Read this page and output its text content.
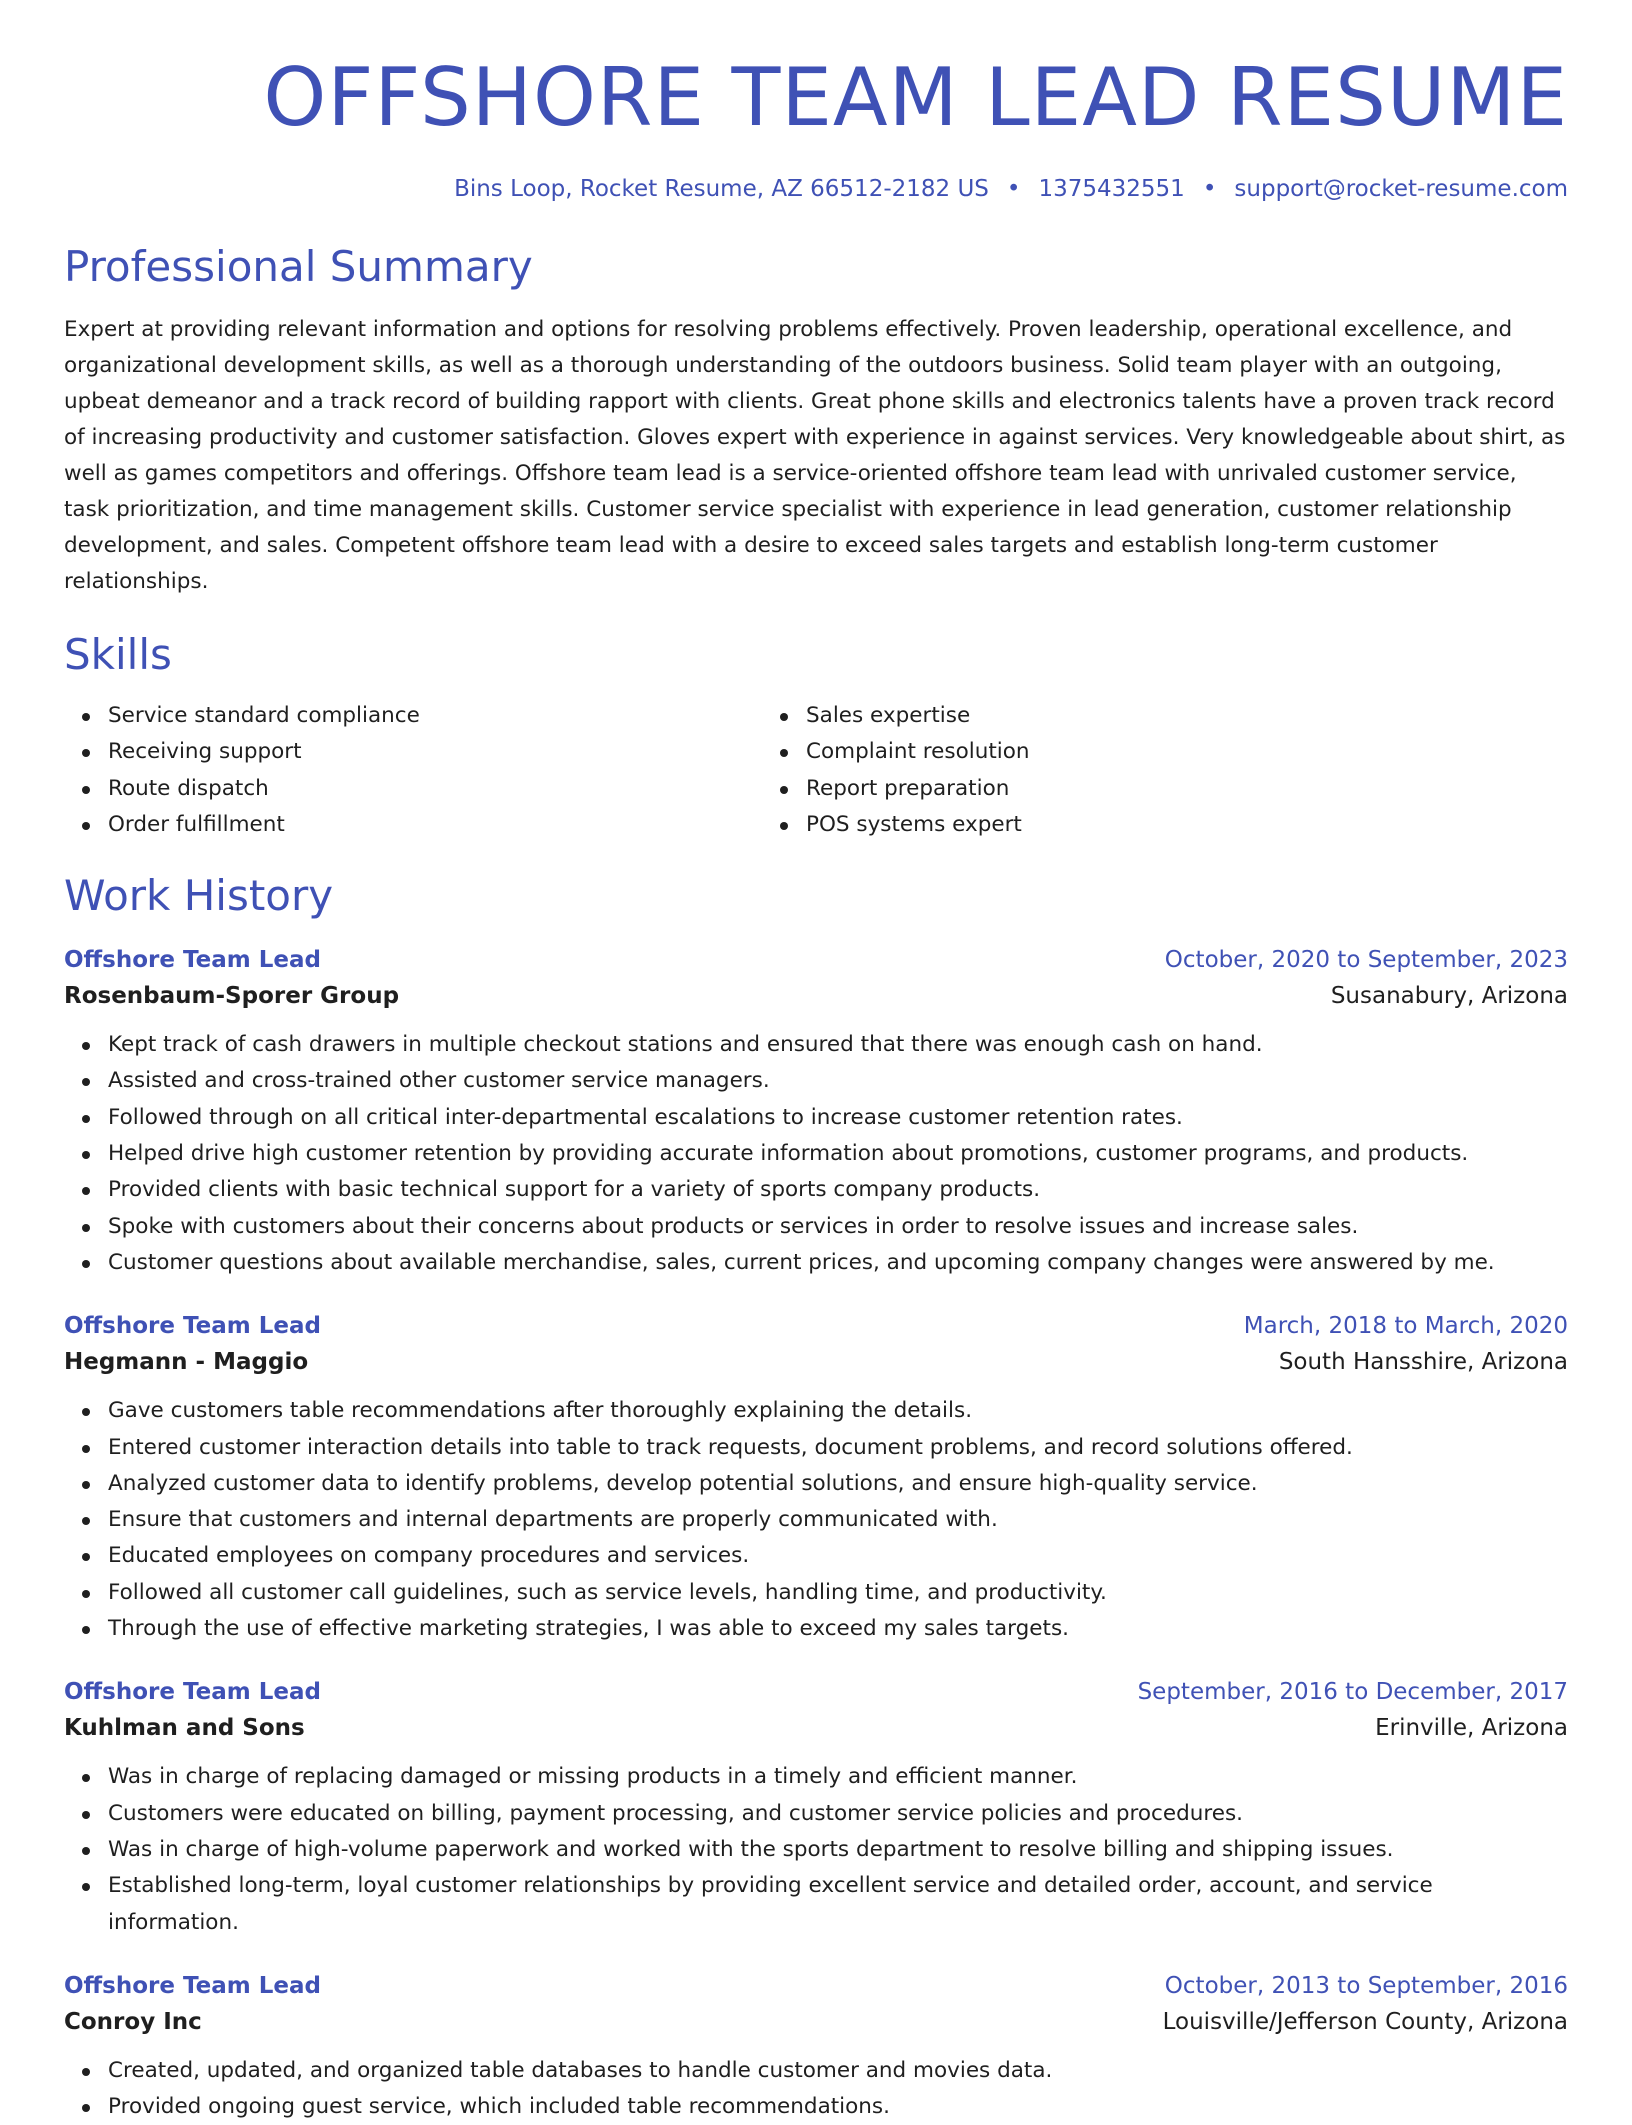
OFFSHORE TEAM LEAD RESUME
Bins Loop, Rocket Resume, AZ 66512-2182 US • 1375432551 • support@rocket-resume.com
Professional Summary

Expert at providing relevant information and options for resolving problems effectively. Proven leadership, operational excellence, and organizational development skills, as well as a thorough understanding of the outdoors business. Solid team player with an outgoing, upbeat demeanor and a track record of building rapport with clients. Great phone skills and electronics talents have a proven track record of increasing productivity and customer satisfaction. Gloves expert with experience in against services. Very knowledgeable about shirt, as well as games competitors and offerings. Offshore team lead is a service-oriented offshore team lead with unrivaled customer service, task prioritization, and time management skills. Customer service specialist with experience in lead generation, customer relationship development, and sales. Competent offshore team lead with a desire to exceed sales targets and establish long-term customer relationships.

Skills
Service standard compliance
Receiving support
Route dispatch
Order fulfillment
Sales expertise
Complaint resolution
Report preparation
POS systems expert
Work History
Offshore Team Lead	October, 2020 to September, 2023
Rosenbaum-Sporer Group	Susanabury, Arizona
Kept track of cash drawers in multiple checkout stations and ensured that there was enough cash on hand.
Assisted and cross-trained other customer service managers.
Followed through on all critical inter-departmental escalations to increase customer retention rates.
Helped drive high customer retention by providing accurate information about promotions, customer programs, and products.
Provided clients with basic technical support for a variety of sports company products.
Spoke with customers about their concerns about products or services in order to resolve issues and increase sales.
Customer questions about available merchandise, sales, current prices, and upcoming company changes were answered by me.
Offshore Team Lead	March, 2018 to March, 2020
Hegmann - Maggio	South Hansshire, Arizona
Gave customers table recommendations after thoroughly explaining the details.
Entered customer interaction details into table to track requests, document problems, and record solutions offered.
Analyzed customer data to identify problems, develop potential solutions, and ensure high-quality service.
Ensure that customers and internal departments are properly communicated with.
Educated employees on company procedures and services.
Followed all customer call guidelines, such as service levels, handling time, and productivity.
Through the use of effective marketing strategies, I was able to exceed my sales targets.
Offshore Team Lead	September, 2016 to December, 2017
Kuhlman and Sons	Erinville, Arizona
Was in charge of replacing damaged or missing products in a timely and efficient manner.
Customers were educated on billing, payment processing, and customer service policies and procedures.
Was in charge of high-volume paperwork and worked with the sports department to resolve billing and shipping issues.
Established long-term, loyal customer relationships by providing excellent service and detailed order, account, and service information.
Offshore Team Lead	October, 2013 to September, 2016
Conroy Inc	Louisville/Jefferson County, Arizona
Created, updated, and organized table databases to handle customer and movies data.
Provided ongoing guest service, which included table recommendations.
